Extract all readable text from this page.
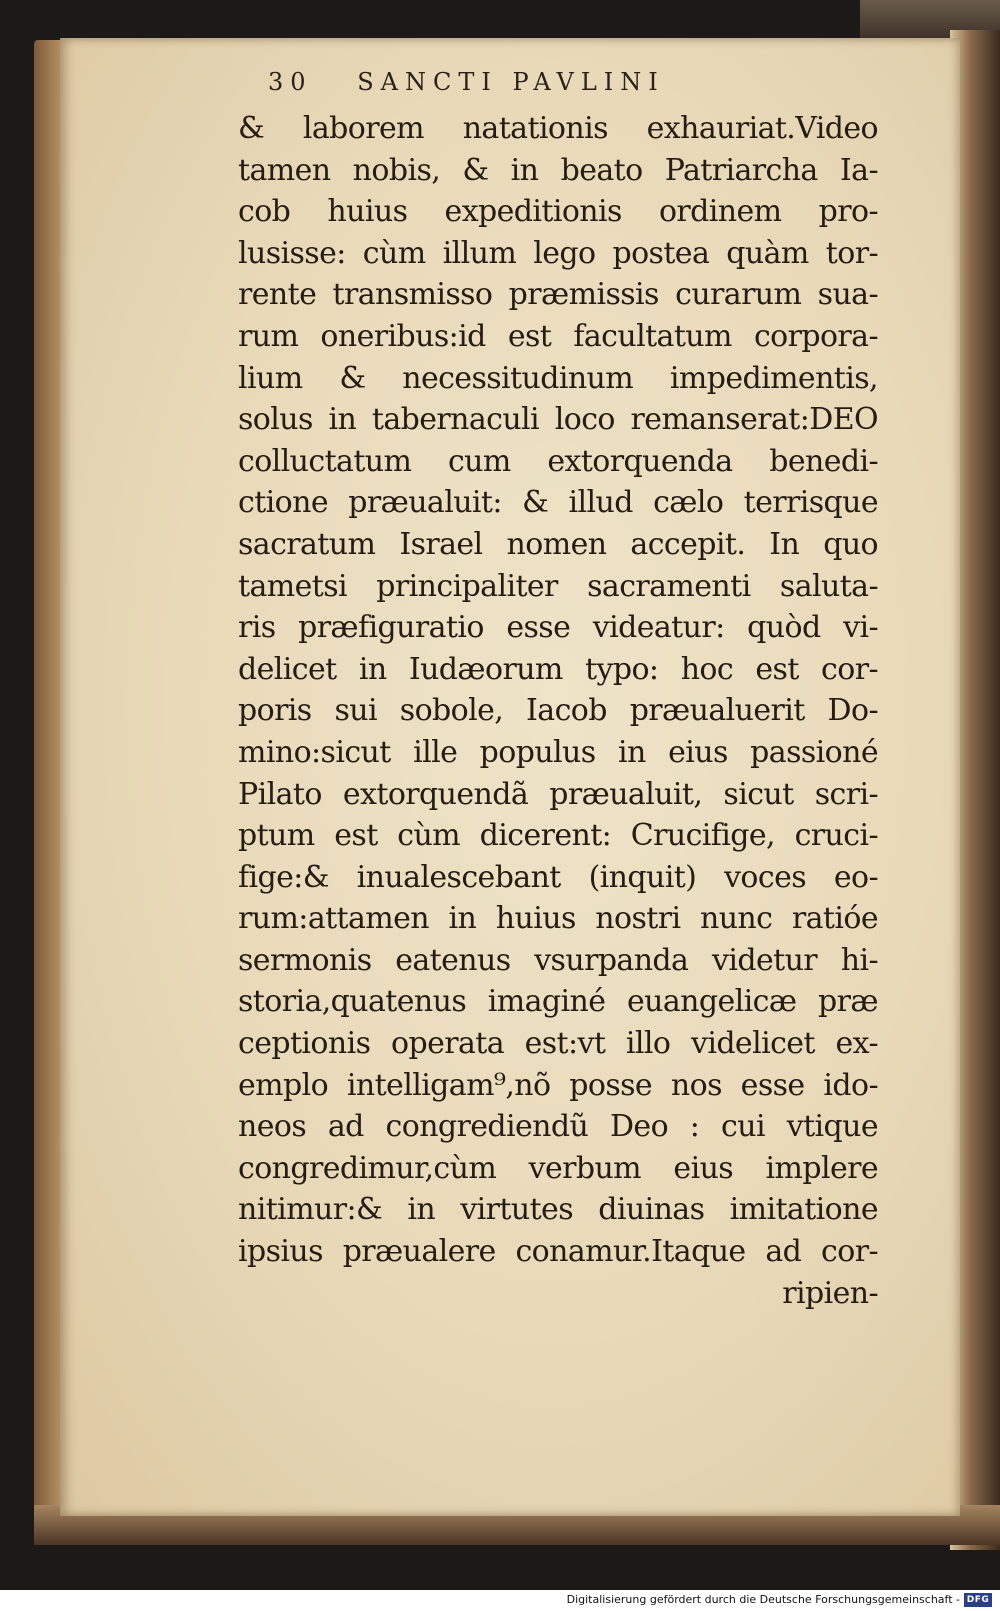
30 SANCTI PAVLINI
& laborem natationis exhauriat.Video
tamen nobis, & in beato Patriarcha Ia-
cob huius expeditionis ordinem pro-
lusisse: cùm illum lego postea quàm tor-
rente transmisso præmissis curarum sua-
rum oneribus:id est facultatum corpora-
lium & necessitudinum impedimentis,
solus in tabernaculi loco remanserat:DEO
colluctatum cum extorquenda benedi-
ctione præualuit: & illud cælo terrisque
sacratum Israel nomen accepit. In quo
tametsi principaliter sacramenti saluta-
ris præfiguratio esse videatur: quòd vi-
delicet in Iudæorum typo: hoc est cor-
poris sui sobole, Iacob præualuerit Do-
mino:sicut ille populus in eius passioné
Pilato extorquendã præualuit, sicut scri-
ptum est cùm dicerent: Crucifige, cruci-
fige:& inualescebant (inquit) voces eo-
rum:attamen in huius nostri nunc ratióe
sermonis eatenus vsurpanda videtur hi-
storia,quatenus imaginé euangelicæ præ
ceptionis operata est:vt illo videlicet ex-
emplo intelligam⁹,nõ posse nos esse ido-
neos ad congrediendũ Deo : cui vtique
congredimur,cùm verbum eius implere
nitimur:& in virtutes diuinas imitatione
ipsius præualere conamur.Itaque ad cor-
ripien-
Digitalisierung gefördert durch die Deutsche Forschungsgemeinschaft - DFG
